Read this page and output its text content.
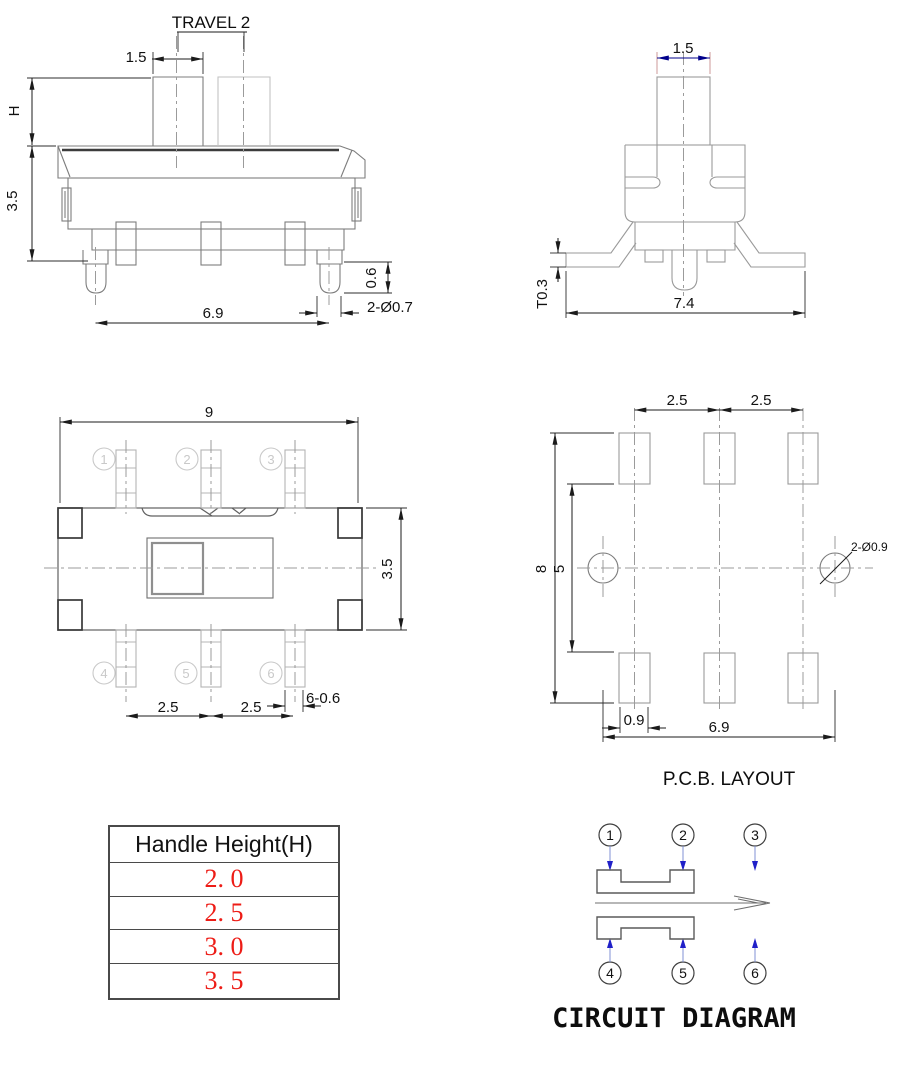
TRAVEL 2
1.5
H
3.5
0.6
2-Ø0.7
6.9
1.5
T0.3	7.4
1	2	3
4	5	6
9
3.5
2.5	2.5
6-0.6
2.5	2.5
8 5
2-Ø0.9
0.9	6.9
P.C.B. LAYOUT
1	2	3
4	5	6
CIRCUIT DIAGRAM
Handle Height(H)
2. 0
2. 5
3. 0
3. 5
